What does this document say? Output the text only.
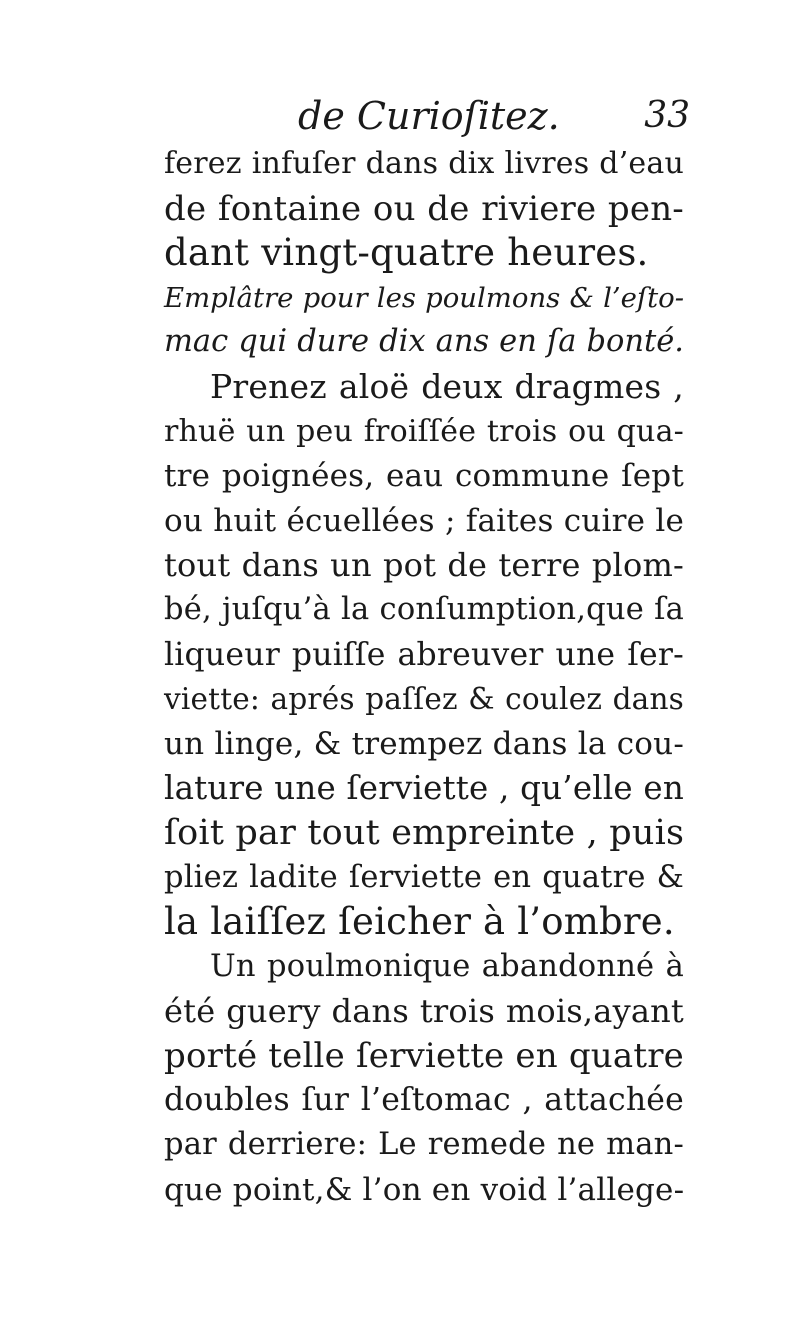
de Curioſitez. 33
ferez infuſer dans dix livres d’eau
de fontaine ou de riviere pen-
dant vingt-quatre heures.
Emplâtre pour les poulmons & l’eſto-
mac qui dure dix ans en ſa bonté.
Prenez aloë deux dragmes ,
rhuë un peu froiſſée trois ou qua-
tre poignées, eau commune ſept
ou huit écuellées ; faites cuire le
tout dans un pot de terre plom-
bé, juſqu’à la conſumption,que ſa
liqueur puiſſe abreuver une ſer-
viette: aprés paſſez & coulez dans
un linge, & trempez dans la cou-
lature une ſerviette , qu’elle en
ſoit par tout empreinte , puis
pliez ladite ſerviette en quatre &
la laiſſez ſeicher à l’ombre.
Un poulmonique abandonné à
été guery dans trois mois,ayant
porté telle ſerviette en quatre
doubles ſur l’eſtomac , attachée
par derriere: Le remede ne man-
que point,& l’on en void l’allege-
